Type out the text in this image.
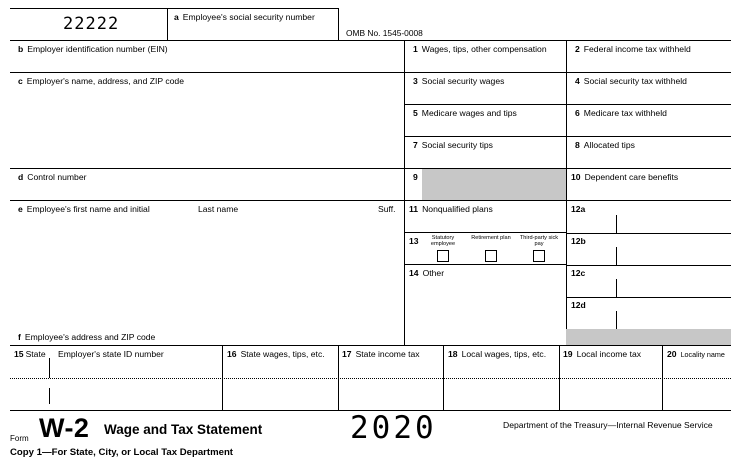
22222	a Employee's social security number
OMB No. 1545-0008
b Employer identification number (EIN)
c Employer's name, address, and ZIP code
d Control number
e Employee's first name and initial	Last name	Suff.
f Employee's address and ZIP code
1 Wages, tips, other compensation
3 Social security wages
5 Medicare wages and tips
7 Social security tips
9
11 Nonqualified plans
13	Statutory employee
Retirement plan Third-party sick pay
14 Other
2 Federal income tax withheld
4 Social security tax withheld
6 Medicare tax withheld
8 Allocated tips
10 Dependent care benefits
12a
12b
12c
12d
15 State Employer's state ID number	16 State wages, tips, etc. 17 State income tax	18 Local wages, tips, etc. 19 Local income tax	20 Locality name
Form W-2 Wage and Tax Statement	2020	Department of the Treasury—Internal Revenue Service
Copy 1—For State, City, or Local Tax Department
